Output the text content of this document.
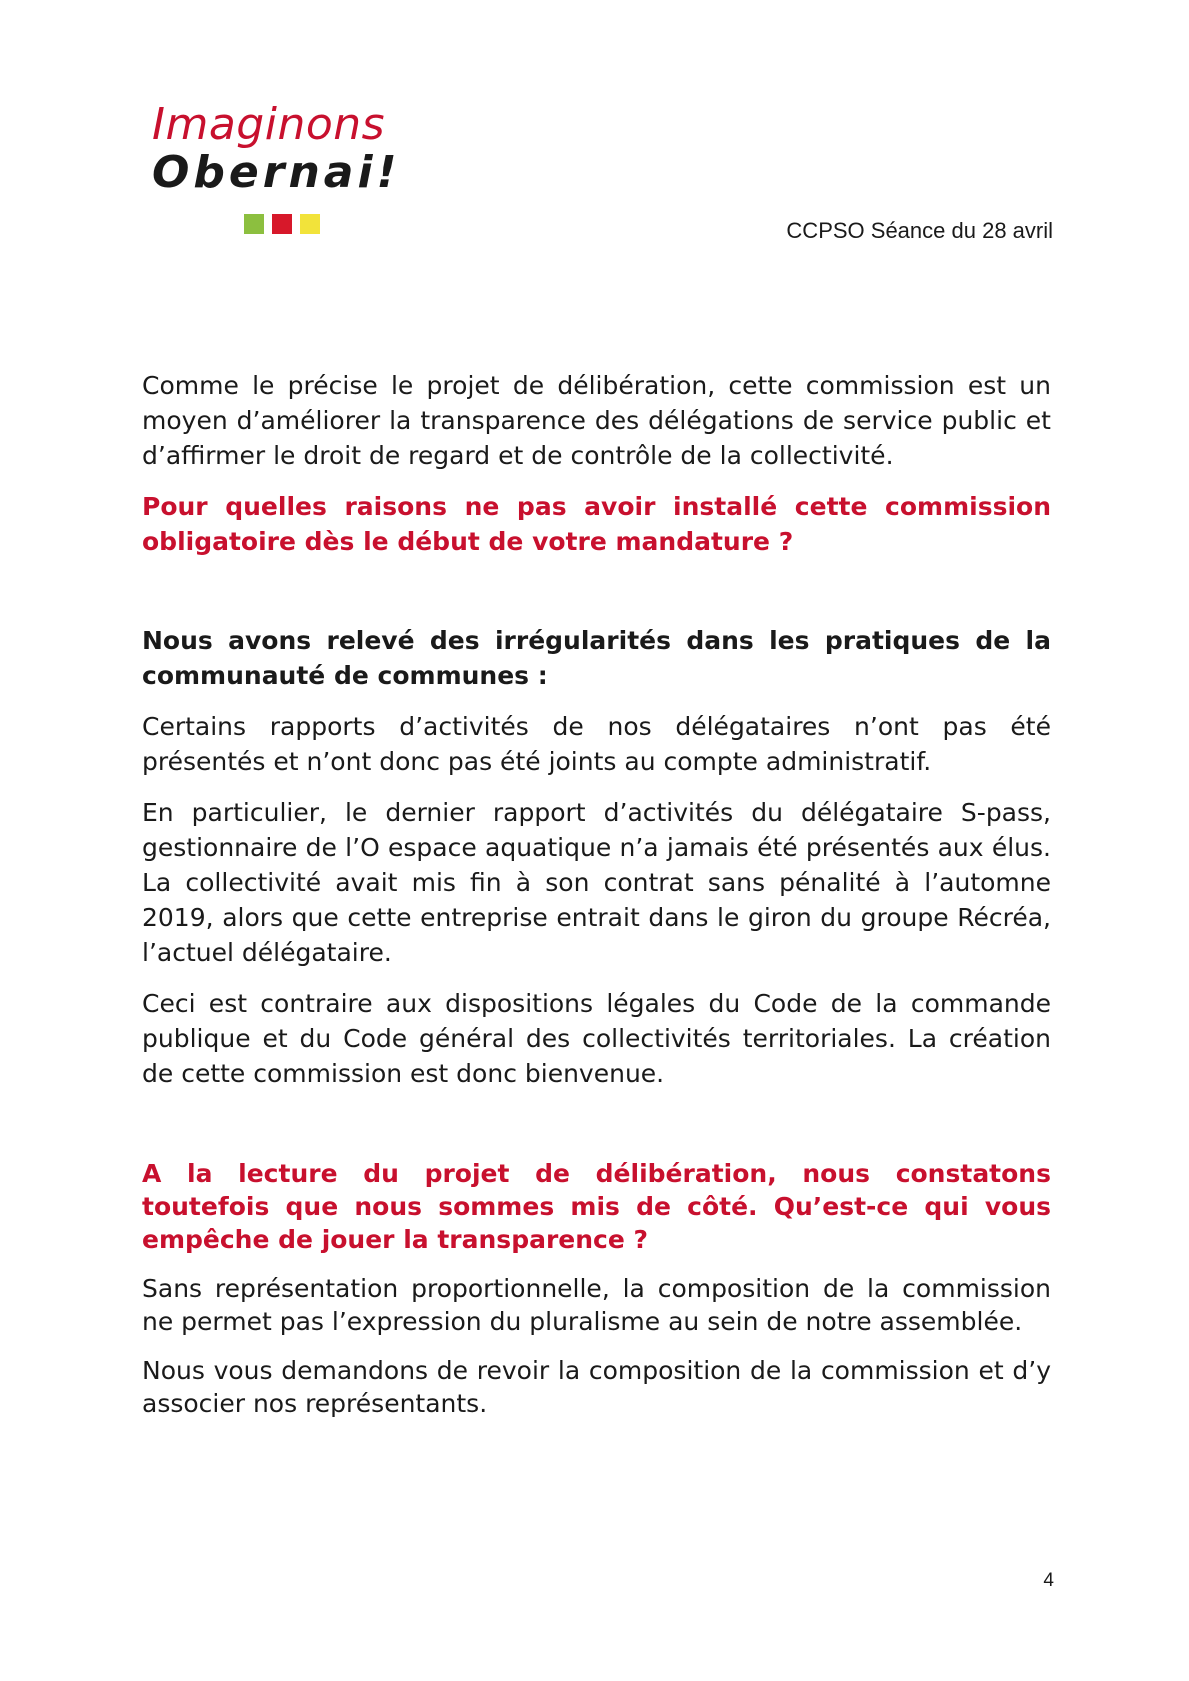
Imaginons
Obernai!
CCPSO Séance du 28 avril

Comme le précise le projet de délibération, cette commission est un moyen d’améliorer la transparence des délégations de service public et d’affirmer le droit de regard et de contrôle de la collectivité.

Pour quelles raisons ne pas avoir installé cette commission obligatoire dès le début de votre mandature ?

Nous avons relevé des irrégularités dans les pratiques de la communauté de communes :

Certains rapports d’activités de nos délégataires n’ont pas été présentés et n’ont donc pas été joints au compte administratif.

En particulier, le dernier rapport d’activités du délégataire S-pass, gestionnaire de l’O espace aquatique n’a jamais été présentés aux élus. La collectivité avait mis fin à son contrat sans pénalité à l’automne 2019, alors que cette entreprise entrait dans le giron du groupe Récréa, l’actuel délégataire.

Ceci est contraire aux dispositions légales du Code de la commande publique et du Code général des collectivités territoriales. La création de cette commission est donc bienvenue.

A la lecture du projet de délibération, nous constatons toutefois que nous sommes mis de côté. Qu’est-ce qui vous empêche de jouer la transparence ?

Sans représentation proportionnelle, la composition de la commission ne permet pas l’expression du pluralisme au sein de notre assemblée.

Nous vous demandons de revoir la composition de la commission et d’y associer nos représentants.

4
